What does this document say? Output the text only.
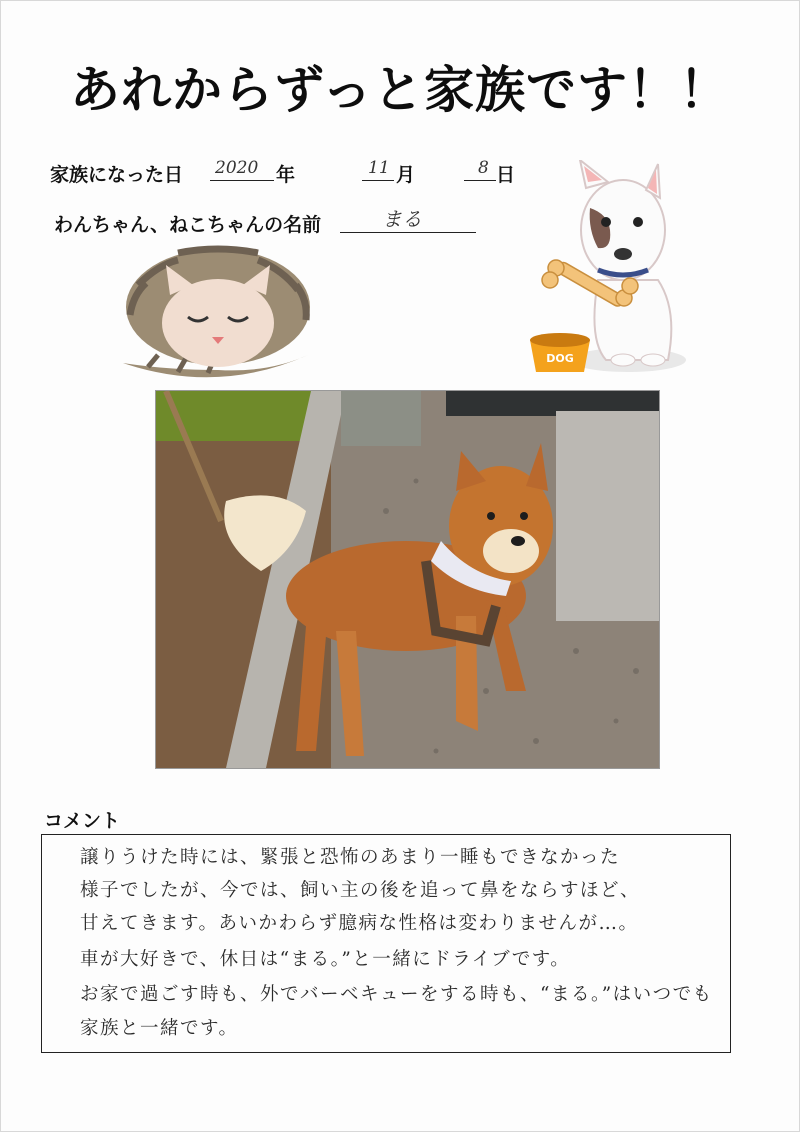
あれからずっと家族です！！
家族になった日 2020 年	11 月	8 日
わんちゃん、ねこちゃんの名前	まる
DOG
コメント
譲りうけた時には、緊張と恐怖のあまり一睡もできなかった
様子でしたが、今では、飼い主の後を追って鼻をならすほど、
甘えてきます。あいかわらず臆病な性格は変わりませんが…。
車が大好きで、休日は“まる。”と一緒にドライブです。
お家で過ごす時も、外でバーベキューをする時も、“まる。”はいつでも
家族と一緒です。
